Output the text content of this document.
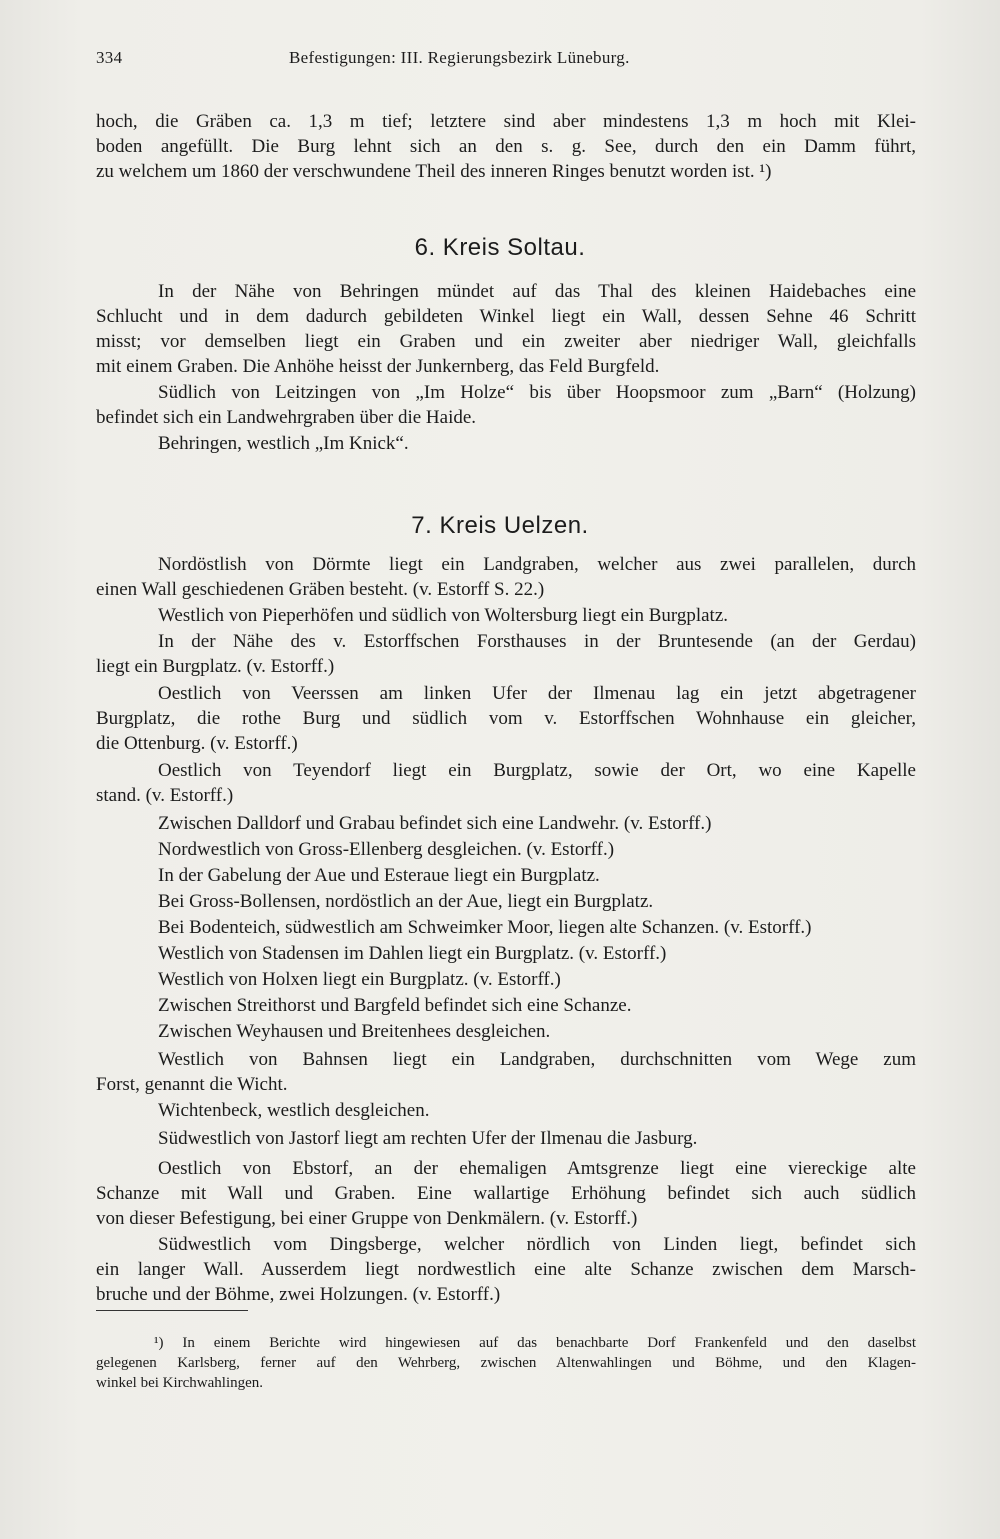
334	Befestigungen: III. Regierungsbezirk Lüneburg.
hoch, die Gräben ca. 1,3 m tief; letztere sind aber mindestens 1,3 m hoch mit Klei-
boden angefüllt. Die Burg lehnt sich an den s. g. See, durch den ein Damm führt,
zu welchem um 1860 der verschwundene Theil des inneren Ringes benutzt worden ist. ¹)
6. Kreis Soltau.
In der Nähe von Behringen mündet auf das Thal des kleinen Haidebaches eine
Schlucht und in dem dadurch gebildeten Winkel liegt ein Wall, dessen Sehne 46 Schritt
misst; vor demselben liegt ein Graben und ein zweiter aber niedriger Wall, gleichfalls
mit einem Graben. Die Anhöhe heisst der Junkernberg, das Feld Burgfeld.
Südlich von Leitzingen von „Im Holze“ bis über Hoopsmoor zum „Barn“ (Holzung)
befindet sich ein Landwehrgraben über die Haide.
Behringen, westlich „Im Knick“.
7. Kreis Uelzen.
Nordöstlish von Dörmte liegt ein Landgraben, welcher aus zwei parallelen, durch
einen Wall geschiedenen Gräben besteht. (v. Estorff S. 22.)
Westlich von Pieperhöfen und südlich von Woltersburg liegt ein Burgplatz.
In der Nähe des v. Estorffschen Forsthauses in der Bruntesende (an der Gerdau)
liegt ein Burgplatz. (v. Estorff.)
Oestlich von Veerssen am linken Ufer der Ilmenau lag ein jetzt abgetragener
Burgplatz, die rothe Burg und südlich vom v. Estorffschen Wohnhause ein gleicher,
die Ottenburg. (v. Estorff.)
Oestlich von Teyendorf liegt ein Burgplatz, sowie der Ort, wo eine Kapelle
stand. (v. Estorff.)
Zwischen Dalldorf und Grabau befindet sich eine Landwehr. (v. Estorff.)
Nordwestlich von Gross-Ellenberg desgleichen. (v. Estorff.)
In der Gabelung der Aue und Esteraue liegt ein Burgplatz.
Bei Gross-Bollensen, nordöstlich an der Aue, liegt ein Burgplatz.
Bei Bodenteich, südwestlich am Schweimker Moor, liegen alte Schanzen. (v. Estorff.)
Westlich von Stadensen im Dahlen liegt ein Burgplatz. (v. Estorff.)
Westlich von Holxen liegt ein Burgplatz. (v. Estorff.)
Zwischen Streithorst und Bargfeld befindet sich eine Schanze.
Zwischen Weyhausen und Breitenhees desgleichen.
Westlich von Bahnsen liegt ein Landgraben, durchschnitten vom Wege zum
Forst, genannt die Wicht.
Wichtenbeck, westlich desgleichen.
Südwestlich von Jastorf liegt am rechten Ufer der Ilmenau die Jasburg.
Oestlich von Ebstorf, an der ehemaligen Amtsgrenze liegt eine viereckige alte
Schanze mit Wall und Graben. Eine wallartige Erhöhung befindet sich auch südlich
von dieser Befestigung, bei einer Gruppe von Denkmälern. (v. Estorff.)
Südwestlich vom Dingsberge, welcher nördlich von Linden liegt, befindet sich
ein langer Wall. Ausserdem liegt nordwestlich eine alte Schanze zwischen dem Marsch-
bruche und der Böhme, zwei Holzungen. (v. Estorff.)
¹) In einem Berichte wird hingewiesen auf das benachbarte Dorf Frankenfeld und den daselbst
gelegenen Karlsberg, ferner auf den Wehrberg, zwischen Altenwahlingen und Böhme, und den Klagen-
winkel bei Kirchwahlingen.
